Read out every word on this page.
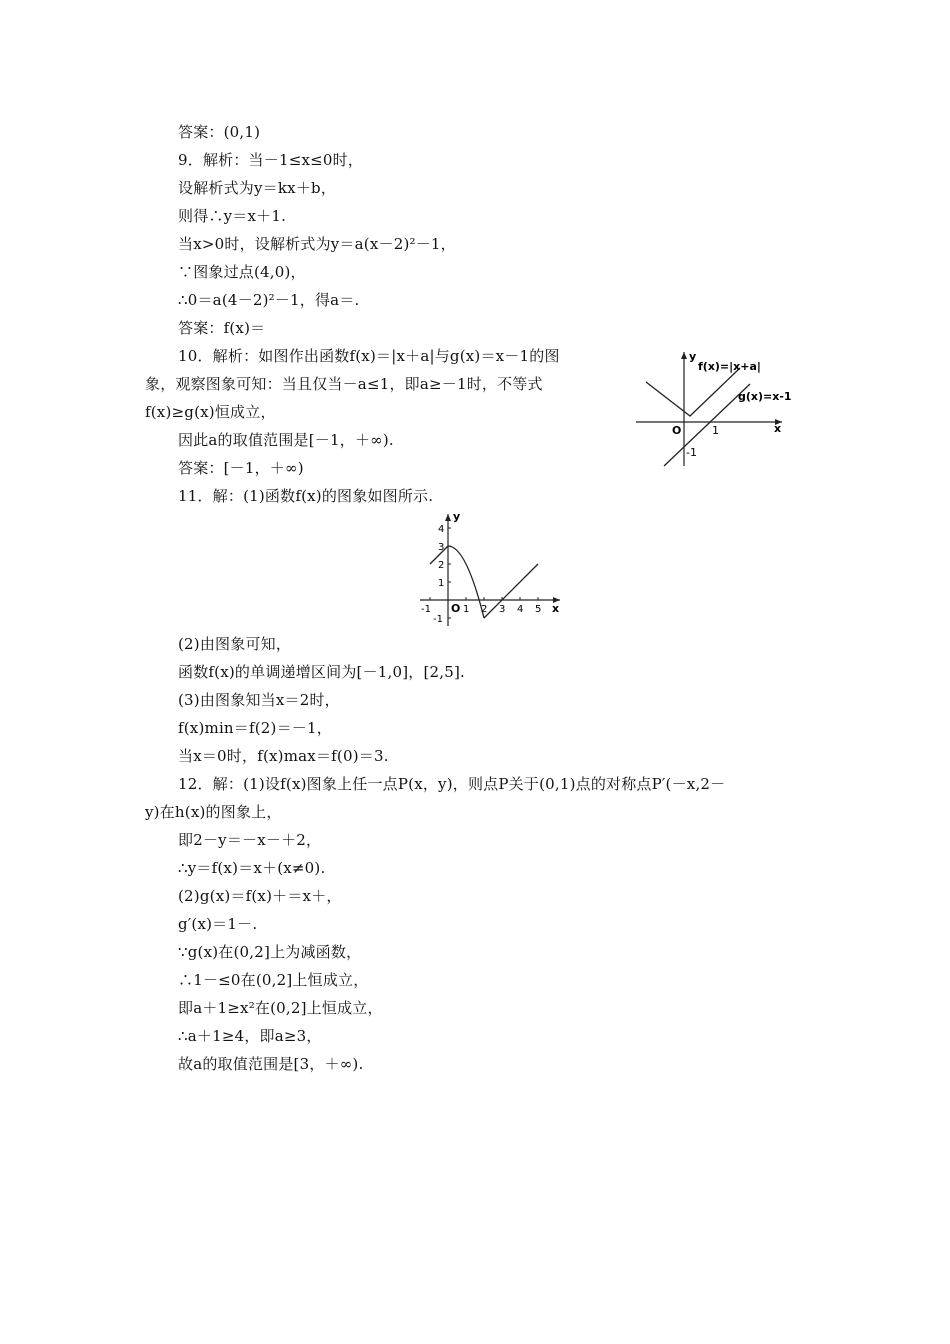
答案：(0,1)
9．解析：当－1≤x≤0时，
设解析式为y＝kx＋b，
则得∴y＝x＋1.
当x>0时，设解析式为y＝a(x－2)²－1，
∵图象过点(4,0)，
∴0＝a(4－2)²－1，得a＝.
答案：f(x)＝
10．解析：如图作出函数f(x)＝|x＋a|与g(x)＝x－1的图
象，观察图象可知：当且仅当－a≤1，即a≥－1时，不等式
f(x)≥g(x)恒成立，
因此a的取值范围是[－1，＋∞).
答案：[－1，＋∞)
11．解：(1)函数f(x)的图象如图所示.
(2)由图象可知，
函数f(x)的单调递增区间为[－1,0]，[2,5].
(3)由图象知当x＝2时，
f(x)min＝f(2)＝－1，
当x＝0时，f(x)max＝f(0)＝3.
12．解：(1)设f(x)图象上任一点P(x，y)，则点P关于(0,1)点的对称点P′(－x,2－
y)在h(x)的图象上，
即2－y＝－x－＋2，
∴y＝f(x)＝x＋(x≠0).
(2)g(x)＝f(x)＋＝x＋，
g′(x)＝1－.
∵g(x)在(0,2]上为减函数，
∴1－≤0在(0,2]上恒成立，
即a＋1≥x²在(0,2]上恒成立，
∴a＋1≥4，即a≥3，
故a的取值范围是[3，＋∞).
y
x
O	1
-1
f(x)=|x+a|
g(x)=x-1
y
x
O
-1	1 2 3 4 5
4
3
2
1
-1
